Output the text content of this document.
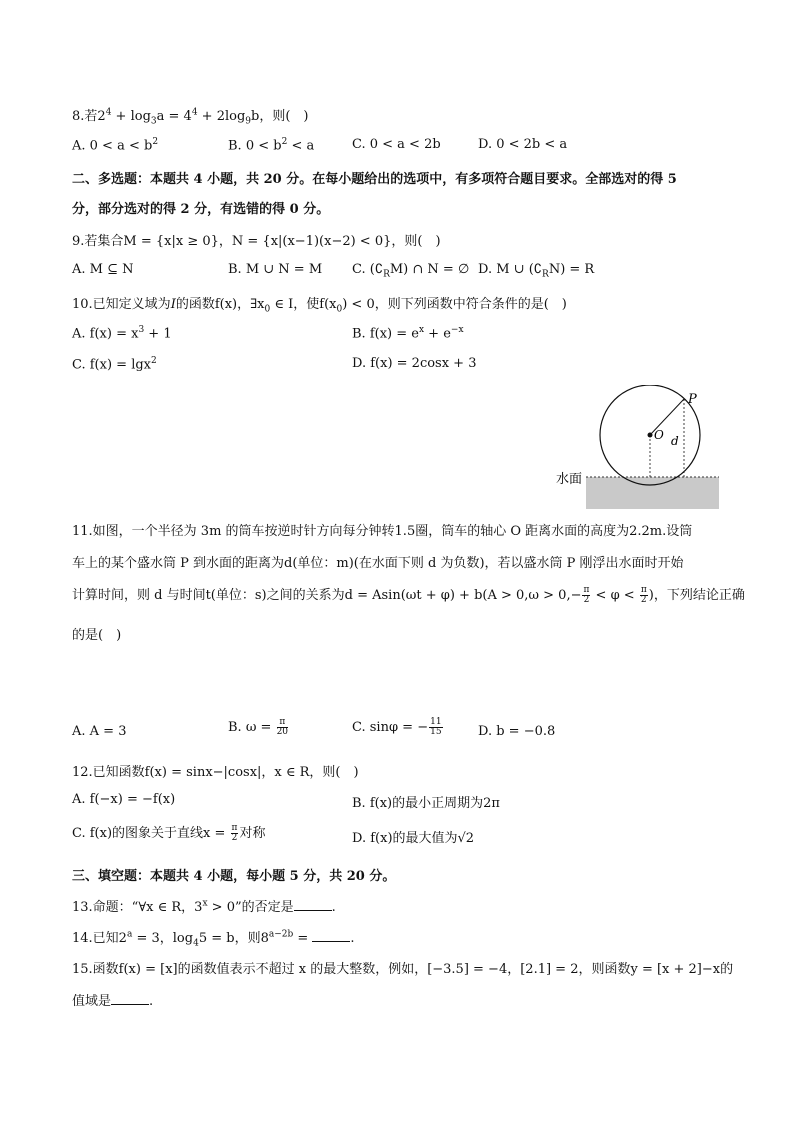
8.若$2^4 + \log_3a = 4^4 + 2\log_9b$，则(　)
A. $0 < a < b^2$	B. $0 < b^2 < a$	C. 0 < a < 2b	D. 0 < 2b < a
二、多选题：本题共 4 小题，共 20 分。在每小题给出的选项中，有多项符合题目要求。全部选对的得 5
分，部分选对的得 2 分，有选错的得 0 分。
9.若集合M = {x|x ≥ 0}，N = {x|(x−1)(x−2) < 0}，则(　)
A. M ⊆ N	B. M ∪ N = M C. $(∁_RM)$ ∩ N = ∅ D. M ∪ $(∁_RN) = R$
10.已知定义域为I的函数f(x)，$\exists x_0$ ∈ I，使$f(x_0) < 0$，则下列函数中符合条件的是(　)
A. $f(x) = x^3 + 1$	B. $f(x) = e^x + e^{-x}$
C. f(x) = lgx$^2$	D. f(x) = 2cosx + 3
P
O d
水面
11.如图，一个半径为 3m 的筒车按逆时针方向每分钟转1.5圈，筒车的轴心 O 距离水面的高度为2.2m.设筒
车上的某个盛水筒 P 到水面的距离为d(单位：m)(在水面下则 d 为负数)，若以盛水筒 P 刚浮出水面时开始
计算时间，则 d 与时间t(单位：s)之间的关系为$d = Asin(\omega t + \varphi) + b(A > 0,\omega > 0,- \frac{\pi}{2} < \varphi < \frac{\pi}{2}$ )，下列结论正确
的是(　)
A. A = 3	B. $\omega = \frac{\pi}{20}$	C. sinφ = − $\frac{11}{15}$	D. b = −0.8
12.已知函数f(x) = sinx−|cosx|，x ∈ R，则(　)
A. f(−x) = −f(x)	B. f(x)的最小正周期为2π
C. f(x)的图象关于直线$x = \frac{\pi}{2}$ 对称	D. f(x)的最大值为√2
三、填空题：本题共 4 小题，每小题 5 分，共 20 分。
13.命题：“∀x ∈ R，$3^x > 0$”的否定是	.
14.已知$2^a = 3$，$\log_45 = b$，则$8^{a-2b}$ =	.
15.函数f(x) = [x]的函数值表示不超过 x 的最大整数，例如，[−3.5] = −4，[2.1] = 2，则函数y = [x + 2]−x的
值域是	.
